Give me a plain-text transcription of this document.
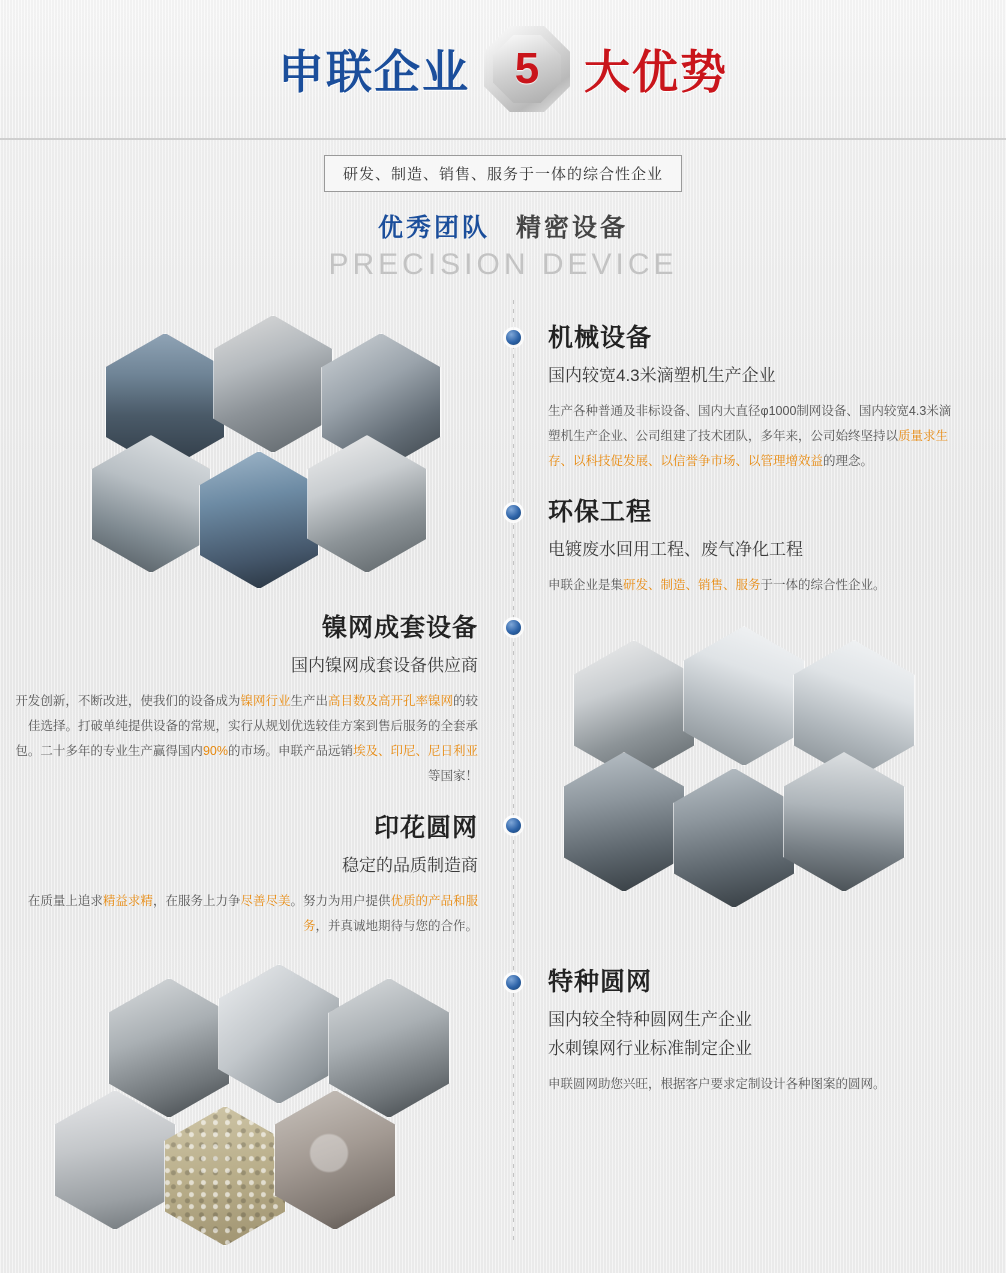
申联企业 5 大优势
研发、制造、销售、服务于一体的综合性企业
优秀团队 精密设备
PRECISION DEVICE
机械设备
国内较宽4.3米滴塑机生产企业
生产各种普通及非标设备、国内大直径φ1000制网设备、国内较宽4.3米滴塑机生产企业、公司组建了技术团队，多年来，公司始终坚持以质量求生存、以科技促发展、以信誉争市场、以管理增效益的理念。
环保工程
电镀废水回用工程、废气净化工程
申联企业是集研发、制造、销售、服务于一体的综合性企业。
镍网成套设备
国内镍网成套设备供应商
开发创新，不断改进，使我们的设备成为镍网行业生产出高目数及高开孔率镍网的较佳选择。打破单纯提供设备的常规，实行从规划优选较佳方案到售后服务的全套承包。二十多年的专业生产赢得国内90%的市场。申联产品远销埃及、印尼、尼日利亚等国家！
印花圆网
稳定的品质制造商
在质量上追求精益求精，在服务上力争尽善尽美。努力为用户提供优质的产品和服务，并真诚地期待与您的合作。
特种圆网
国内较全特种圆网生产企业
水刺镍网行业标准制定企业
申联圆网助您兴旺，根据客户要求定制设计各种图案的圆网。
